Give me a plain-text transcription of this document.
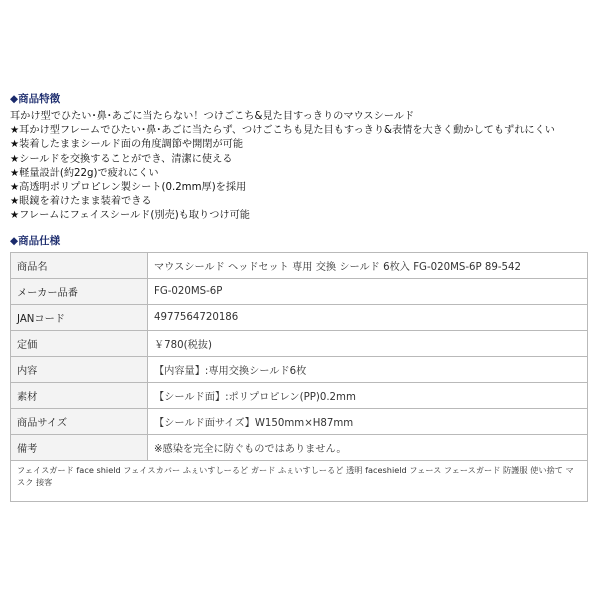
◆商品特徴
耳かけ型でひたい･鼻･あごに当たらない！つけごこち&見た目すっきりのマウスシールド
★耳かけ型フレームでひたい･鼻･あごに当たらず、つけごこちも見た目もすっきり&表情を大きく動かしてもずれにくい
★装着したままシールド面の角度調節や開閉が可能
★シールドを交換することができ、清潔に使える
★軽量設計(約22g)で疲れにくい
★高透明ポリプロピレン製シート(0.2mm厚)を採用
★眼鏡を着けたまま装着できる
★フレームにフェイスシールド(別売)も取りつけ可能
◆商品仕様
商品名	マウスシールド ヘッドセット 専用 交換 シールド 6枚入 FG-020MS-6P 89-542
メーカー品番	FG-020MS-6P
JANコード	4977564720186
定価	￥780(税抜)
内容	【内容量】:専用交換シールド6枚
素材	【シールド面】:ポリプロピレン(PP)0.2mm
商品サイズ	【シールド面サイズ】W150mm×H87mm
備考	※感染を完全に防ぐものではありません。
フェイスガード face shield フェイスカバー ふぇいすしーるど ガード ふぇいすしーるど 透明 faceshield フェース フェースガード 防護服 使い捨て マスク 接客	
